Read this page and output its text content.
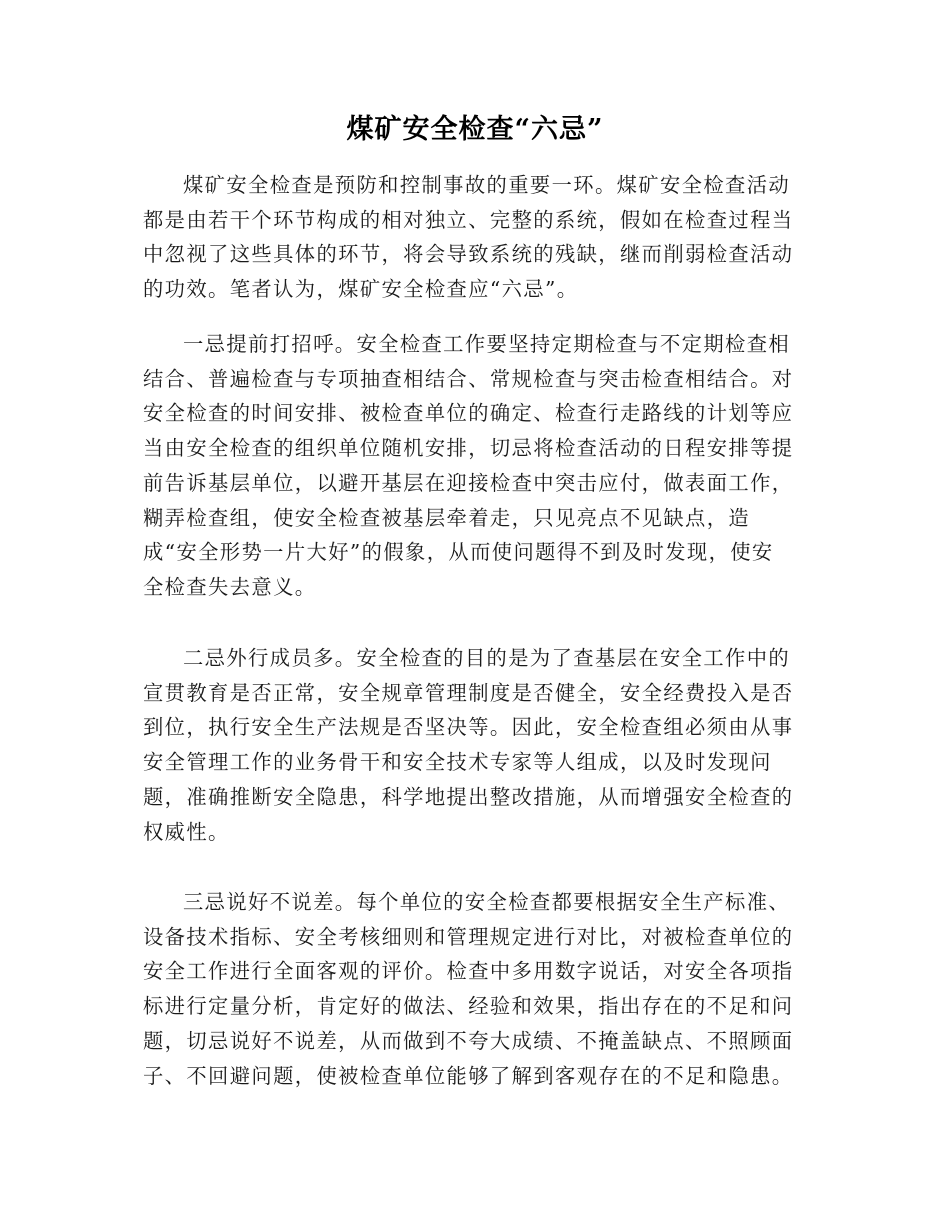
煤矿安全检查“六忌”
煤矿安全检查是预防和控制事故的重要一环。煤矿安全检查活动
都是由若干个环节构成的相对独立、完整的系统，假如在检查过程当
中忽视了这些具体的环节，将会导致系统的残缺，继而削弱检查活动
的功效。笔者认为，煤矿安全检查应“六忌”。
一忌提前打招呼。安全检查工作要坚持定期检查与不定期检查相
结合、普遍检查与专项抽查相结合、常规检查与突击检查相结合。对
安全检查的时间安排、被检查单位的确定、检查行走路线的计划等应
当由安全检查的组织单位随机安排，切忌将检查活动的日程安排等提
前告诉基层单位，以避开基层在迎接检查中突击应付，做表面工作，
糊弄检查组，使安全检查被基层牵着走，只见亮点不见缺点，造
成“安全形势一片大好”的假象，从而使问题得不到及时发现，使安
全检查失去意义。
二忌外行成员多。安全检查的目的是为了查基层在安全工作中的
宣贯教育是否正常，安全规章管理制度是否健全，安全经费投入是否
到位，执行安全生产法规是否坚决等。因此，安全检查组必须由从事
安全管理工作的业务骨干和安全技术专家等人组成，以及时发现问
题，准确推断安全隐患，科学地提出整改措施，从而增强安全检查的
权威性。
三忌说好不说差。每个单位的安全检查都要根据安全生产标准、
设备技术指标、安全考核细则和管理规定进行对比，对被检查单位的
安全工作进行全面客观的评价。检查中多用数字说话，对安全各项指
标进行定量分析，肯定好的做法、经验和效果，指出存在的不足和问
题，切忌说好不说差，从而做到不夸大成绩、不掩盖缺点、不照顾面
子、不回避问题，使被检查单位能够了解到客观存在的不足和隐患。
